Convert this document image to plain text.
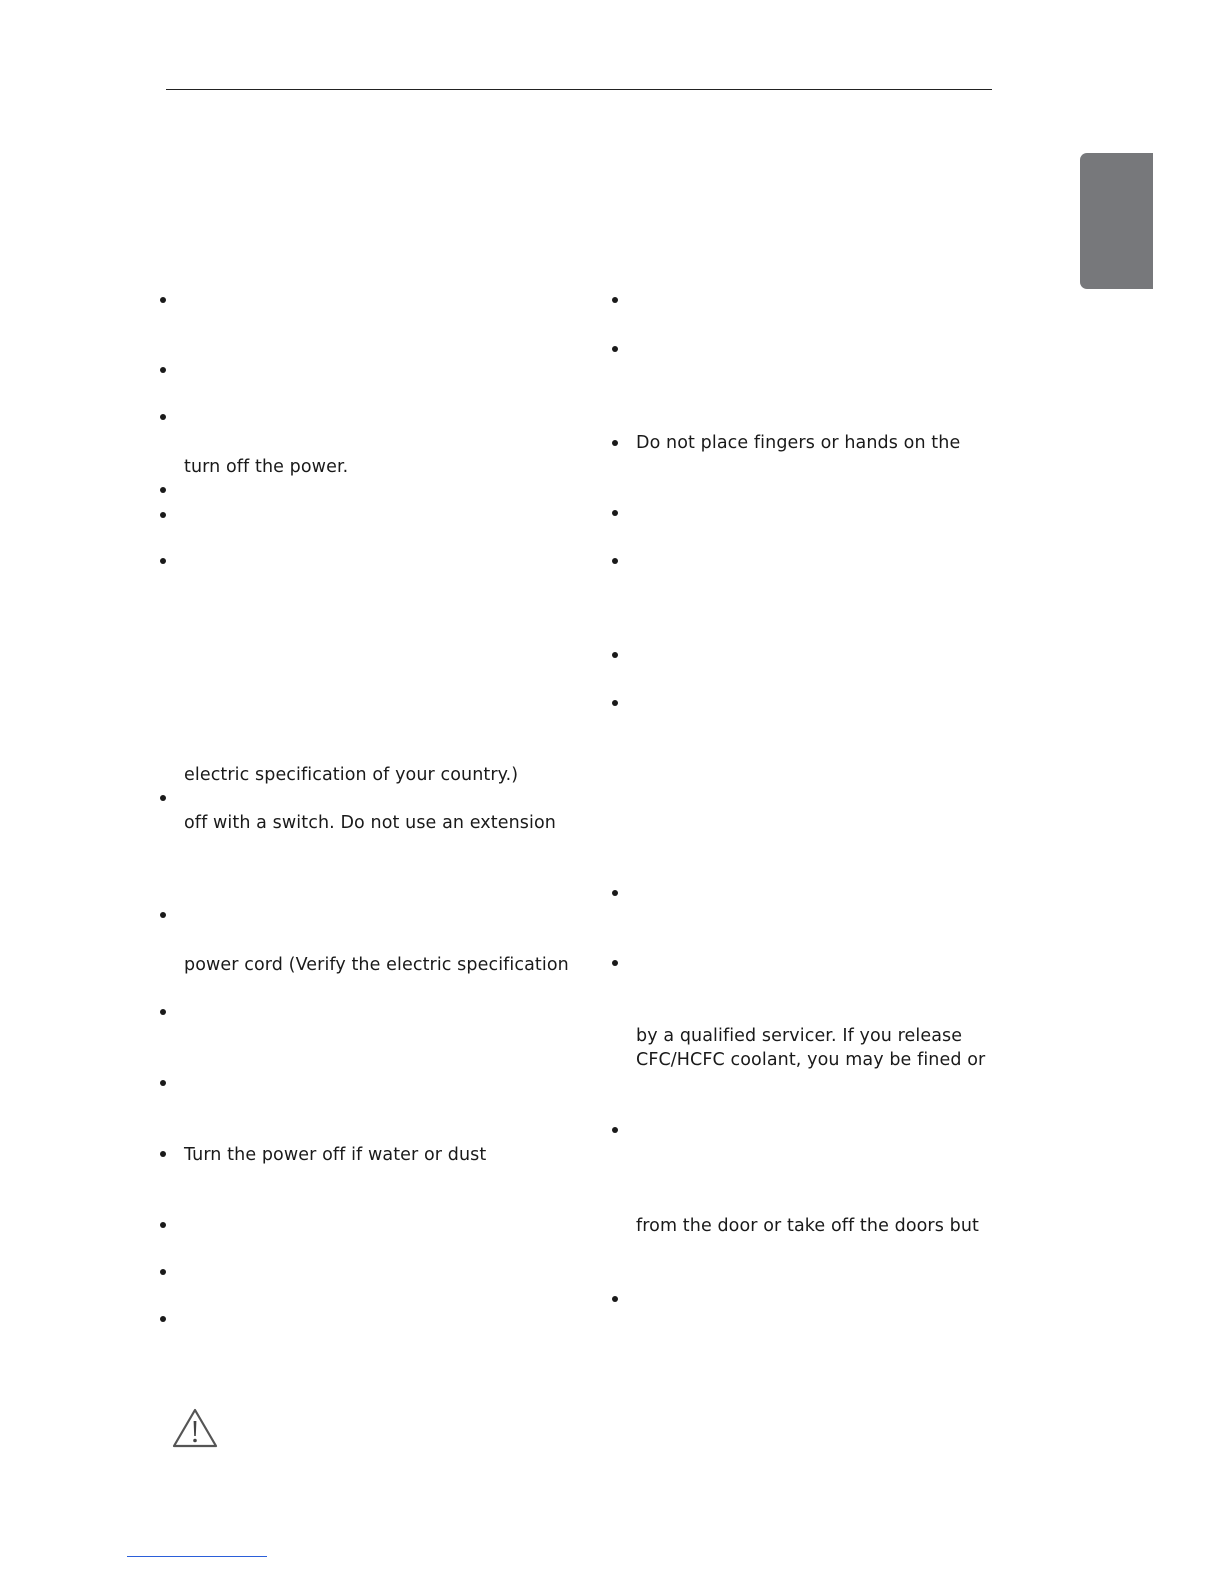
turn off the power.
electric specification of your country.)
off with a switch. Do not use an extension
power cord (Verify the electric specification
Turn the power off if water or dust
Do not place fingers or hands on the
by a qualified servicer. If you release
CFC/HCFC coolant, you may be fined or
from the door or take off the doors but
